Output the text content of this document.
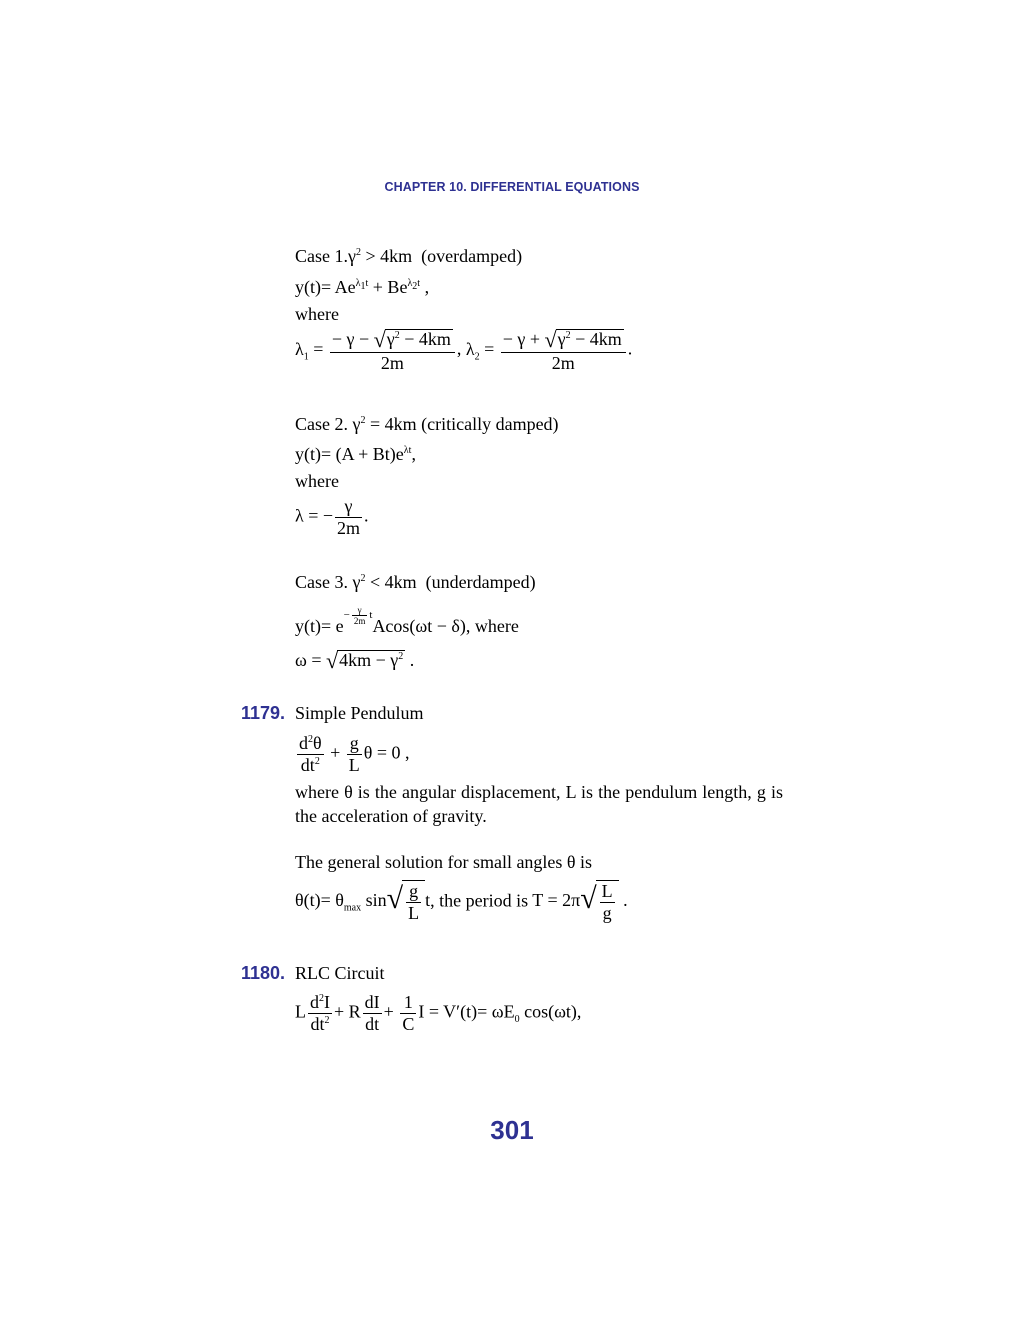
CHAPTER 10. DIFFERENTIAL EQUATIONS
Case $1.\gamma^2 > 4km$  (overdamped)
$y(t)= Ae^{\lambda_1t} + Be^{\lambda_2t}$ ,
where
$\lambda_1 = \frac{- \gamma - √\gamma^2 - 4km}{2m}$ , $\lambda_2 = \frac{- \gamma + √\gamma^2 - 4km}{2m}$ .
Case 2. $\gamma^2 = 4km$ (critically damped)
$y(t)= (A + Bt)e^{\lambda t}$,
where
λ = − $\frac{\gamma}{2m}$ .
Case 3. $\gamma^2 < 4km$  (underdamped)
$y(t)= e^{- \frac{\gamma}{2m} t}Acos(\omega t - \delta)$, where
$\omega = √4km - \gamma^2$ .
1179. Simple Pendulum
$\frac{d^2\theta}{dt^2} + \frac{g}{L}$ θ = 0 ,
where θ is the angular displacement, L is the pendulum length, g is the acceleration of gravity.
The general solution for small angles θ is
$\theta(t)= \theta_{max}$ $\sin√ \frac{g}{L} t$, the period is $T = 2\pi√ \frac{L}{g}$ .
1180. RLC Circuit
L $\frac{d^2I}{dt^2} + R \frac{dI}{dt} + \frac{1}{C}$ $I = V'(t)= \omega E_0$ cos(ωt),
301
